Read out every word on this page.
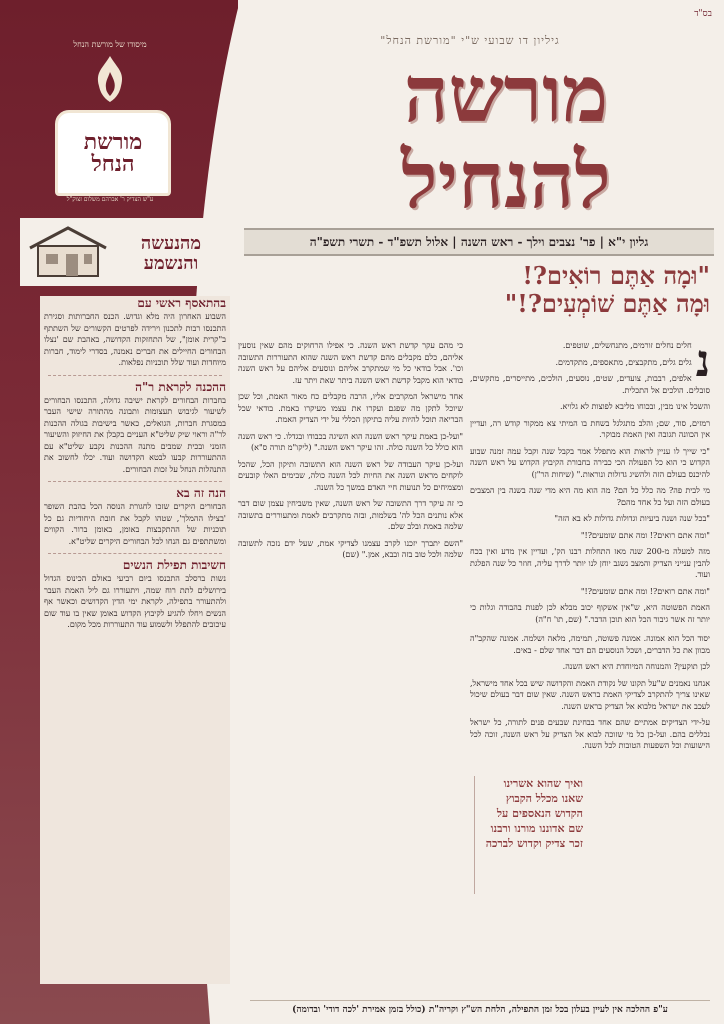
מיסודו של מורשת הנחל
מורשת
הנחל
ע"ש הצדיק ר' אברהם משלום זצוק"ל
מהנעשה והנשמע
בהתאסף ראשי עם

השבוע האחרון היה מלא וגדוש. הכנס החברותות וסגירת התכנסו רבות לתכנון וירידה לפרטים הקשורים של השתתף ב"קרית אומן", של התחזקות הקדושה, באהבת שם 'נצלו הבחורים החיילים את חברים נאמנה, בסדרי לימוד, חברות מיוחדות ועוד שלל תוכניות נפלאות.

ההכנה לקראת ר"ה

בחברות הבחורים לקראת ישיבה גדולה, התכנסו הבחורים לשיעור לגיבוש תעצומות ותבונה מהתורה שישי העבר במסגרת חברות, הגואלים, כאשר בישיבות בגולה ההכנות לר"ה וראוי שיק שליט"א העניים בקבלן את החיזוק והשיעור הזמני ובכית שמבים מתנה ההכנות נקבע שליט"א עם ההתעוררות קבעו לבטא הקדושה ועוד. יכלו לחשוב את התנהלות הנחל על זכות הבחורים.

הנה זה בא

הבחורים היקרים שזכו לחגורת הנוסה הכל בהבת השופר 'בצילו ההמלך', שטהו לקבל את חובת היחודיות גם כל תוכניות של ההתקבצות באומן, באומן ברור. הקווים ומשתתפים גם הנחו לכל הבחורים היקרים שליט"א.

חשיבות תפילת הנשים

נשות ברסלב התכנסו ביום רביעי באולם הכינוס הגדול בירושלים לתת רוח שמה, ויתעוררו גם ליל האמת העבר ולהתעורר בתפילה, לקראת ימי הדין הקדושים וכאשר אף הנשים ויחלו להגיע לקיבוץ הקדוש באומן שאין בו עוד שום עיכובים להתפלל ולשמוע עוד התעוררות מכל מקום.

בס"ד
גיליון דו שבועי ש"י "מורשת הנחל"
מורשה
להנחיל
גליון י"א | פר' נצבים וילך - ראש השנה | אלול תשפ"ד - תשרי תשפ"ה
"וּמָה אַתֶּם רוֹאִים?!
וּמָה אַתֶּם שׁוֹמְעִים?!"
נ

חלים נחלים זורמים, מתנחשלים, שוטפים.

גלים גלים, מתקבצים, מתאספים, מתקדמים.

אלפים, רבבות, צועדים, שטים, נוסעים, הולכים, מתייסרים, מתקשים, סובלים. הולכים אל התכלית.

והשכל אינו מבין, ובכוחו מליבא לפוצות לא גלויא.

רמזים, סוד, שם; והלב מתגלגל בשחת בו המיתי צא ממקור קודש רה, ועדיין אין הכוונה תגובה ואין האמת מבוקר.

"כי שייך לו עניין לראות הוא מתפלל אמר בקבל שנה וקבל עמה זמנה שבוע הקדוש כי הוא כל הפעולה הכי כבירה בחבורת הקיבוץ הקדוש על ראש השנה להיכנס בעולם הזה ולהשיג גדולות ונוראות." (שיחות הר"ן)

מי לבית פה? מה כלל כל הם? מה הוא מה היא מדי שנה בשנה בין המצבים בעולם הזה ועל כל אחד מהם?

"בכל שנה ושנה ביעיות וגדולות גדולות לא בא הזה"

"ומה אתם רואים?! ומה אתם שומעים?!"

מזה למעלה מ-200 שנה מאז התחלות רבנו הק', ועדיין אין מדע ואין בכח להבין ענייני הצדיק והמצב נשגב יוחן לנו יותר לדרך עליה, חוזר כל שנה הפלגת ועוד.

"ומה אתם רואים?! ומה אתם שומעים?!"

האמת הפשוטה היא, ש"אין אשקוף יכוב מבלא לכן לפנות בהבודה וגלות כי יותר זה אשר גיבור הכל הוא תוכן הדבר." (שם, תו' ח"ה)

יסוד הכל הוא אמונה. אמונה פשוטה, תמימה, מלאה ושלמה. אמונה שהקב"ה מכוון את כל הדברים, ושכל הנוסעים הם דבר אחד שלם - באים.

לכן תוקעין? והמנוחה המיוחדת היא ראש השנה.

אנחנו נאמנים ש"על תקונו של נקודת האמת והקדושה שיש בכל אחד מישראל, שאינו צריך להתקרב לצדיקי האמת בראש השנה. שאין שום דבר בעולם שיכול לעכב את ישראל מלבוא אל הצדיק בראש השנה.

על-ידי הצדיקים אמתיים שהם אחד בבחינת שבעים פנים לתורה, כל ישראל נכללים בהם. ועל-כן כל מי שזוכה לבוא אל הצדיק על ראש השנה, זוכה לכל הישועות וכל השפעות הטובות לכל השנה.

ואיך שהוא אשרינו שאנו מכלל הקבוץ הקדוש הנאספים על שם אדוננו מורנו ורבנו זכר צדיק וקדוש לברכה

כי מהם עקר קדשת ראש השנה. כי אפילו הרחוקים מהם שאין נוסעין אליהם, כלם מקבלים מהם קדשת ראש השנה שהוא התעוררות התשובה וכו'. אבל בודאי כל מי שמתקרב אליהם ונוסעים אליהם על ראש השנה בודאי הוא מקבל קדשת ראש השנה ביתר שאת ויתר עז.

אחד מישראל המקרבים אליו, הרבה מקבלים כח מאור האמת, וכל שכן שיוכל לתקן מה שפגם ועקרו את עצמו מעיקרו באמת. בודאי שכל הבריאה תוכל להיות עליה בתיקון הכללי על ידי הצדיק האמת.

"ועל-כן באמת עיקר ראש השנה הוא השיגה בכבודו ובגדלו. כי ראש השנה הוא כולל כל השנה כולה. זהו עיקר ראש השנה." (ליקו"מ תורה ס"א)

ועל-כן עיקר העבודה של ראש השנה הוא התשובה ותיקון הכל, שהכל לוקחים מראש השנה את החיות לכל השנה כולה, שבימים האלו קובעים ומצמיחים כל תנועות חיי האדם במשך כל השנה.

כי זה עיקר דרך התשובה של ראש השנה, שאין משביחין עצמן שום דבר אלא נותנים הכל לה' בשלמות, ובזה מתקרבים לאמת ומתעוררים בתשובה שלמה באמת ובלב שלם.

"השם יתברך יזכנו לקרב עצמנו לצדיקי אמת, שעל ידם נזכה לתשובה שלמה ולכל טוב בזה ובבא, אמן." (שם)

ע"פ ההלכה אין לעיין בעלון בכל זמן התפילה, הלחת הש"ץ וקריה"ת (כולל בזמן אמירת 'לכה דודי' ובדומה)
